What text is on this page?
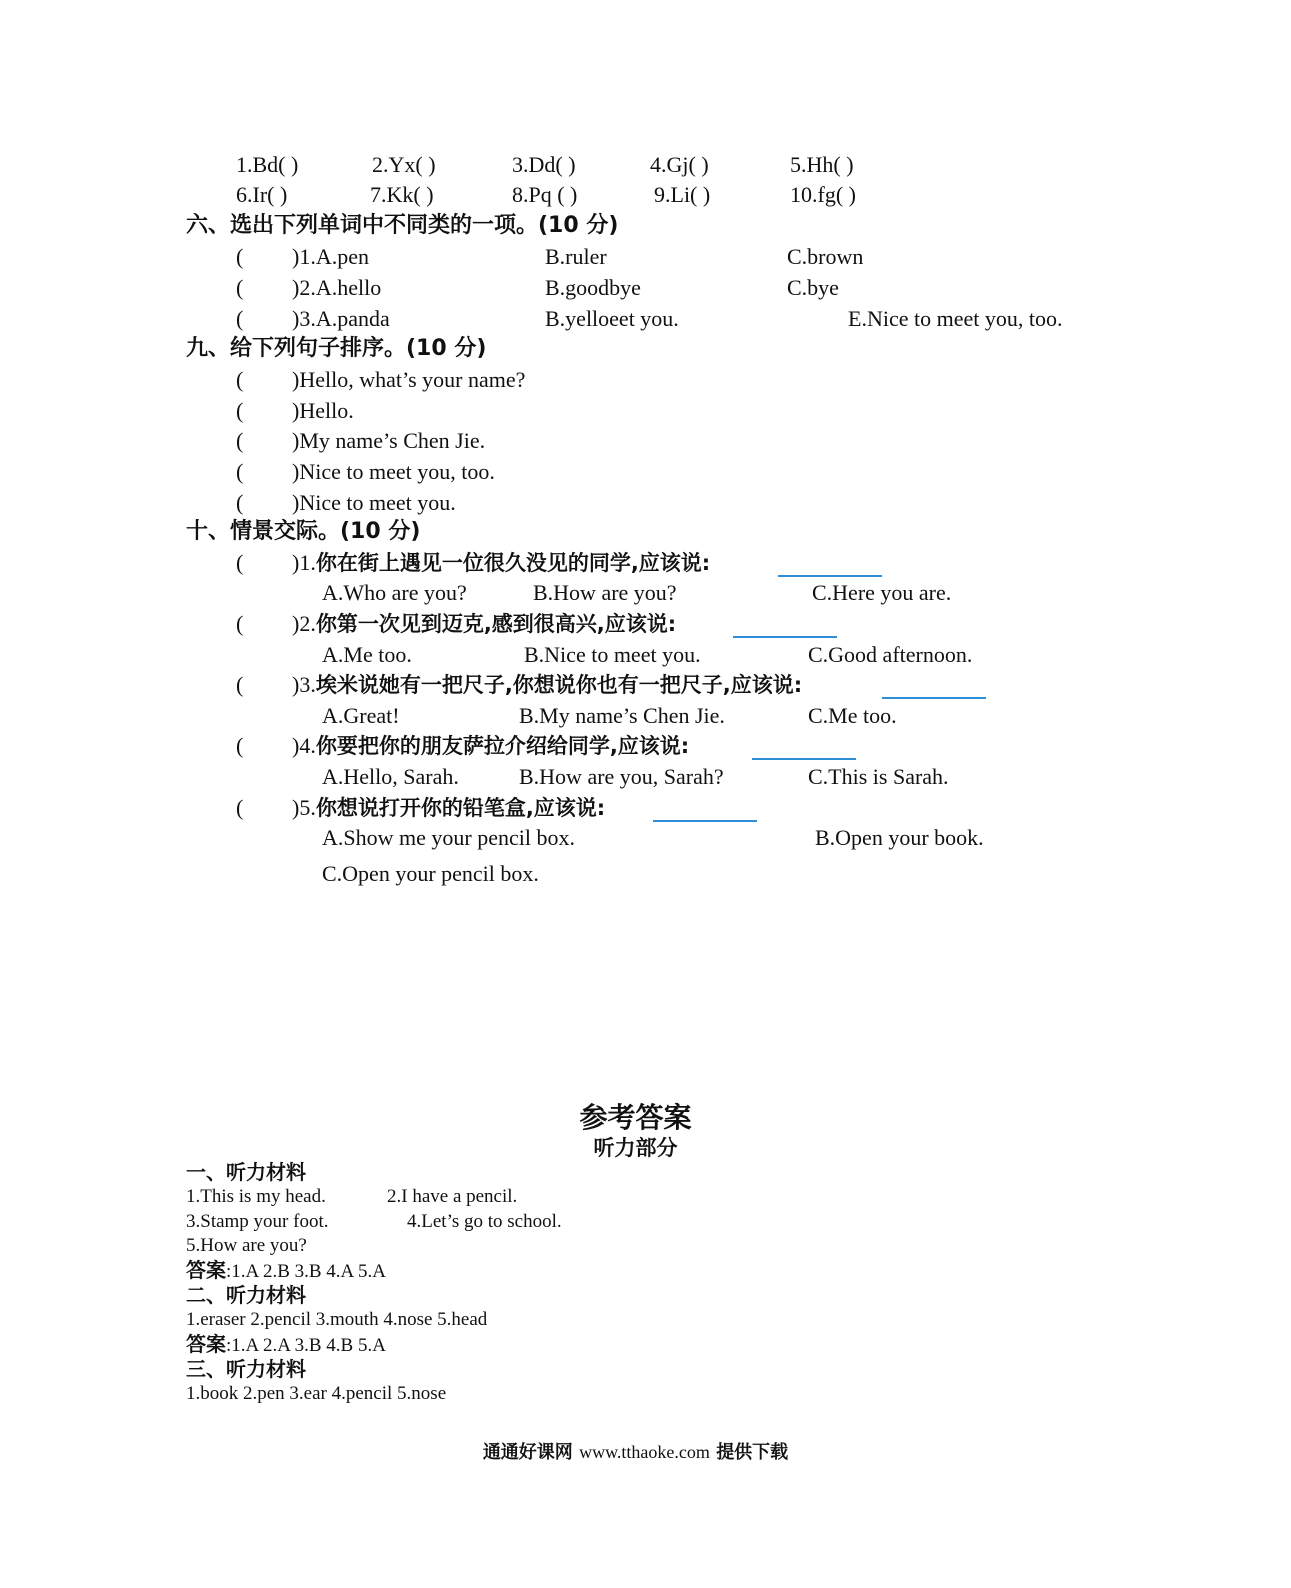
1.Bd( )	2.Yx( )	3.Dd( )	4.Gj( )	5.Hh( )
6.Ir( )	7.Kk( )	8.Pq ( )	9.Li( )	10.fg( )
六、选出下列单词中不同类的一项。(10 分)
( )1.A.pen	B.ruler	C.brown
( )2.A.hello	B.goodbye	C.bye
( )3.A.panda	B.yelloeet you.	E.Nice to meet you, too.
九、给下列句子排序。(10 分)
( )Hello, what’s your name?
( )Hello.
( )My name’s Chen Jie.
( )Nice to meet you, too.
( )Nice to meet you.
十、情景交际。(10 分)
( )1.你在街上遇见一位很久没见的同学,应该说:
A.Who are you?	B.How are you?	C.Here you are.
( )2.你第一次见到迈克,感到很高兴,应该说:
A.Me too.	B.Nice to meet you.	C.Good afternoon.
( )3.埃米说她有一把尺子,你想说你也有一把尺子,应该说:
A.Great!	B.My name’s Chen Jie.	C.Me too.
( )4.你要把你的朋友萨拉介绍给同学,应该说:
A.Hello, Sarah.	B.How are you, Sarah?	C.This is Sarah.
( )5.你想说打开你的铅笔盒,应该说:
A.Show me your pencil box.	B.Open your book.
C.Open your pencil box.
参考答案
听力部分
一、听力材料
1.This is my head.	2.I have a pencil.
3.Stamp your foot.	4.Let’s go to school.
5.How are you?
答案:1.A 2.B 3.B 4.A 5.A
二、听力材料
1.eraser 2.pencil 3.mouth 4.nose 5.head
答案:1.A 2.A 3.B 4.B 5.A
三、听力材料
1.book 2.pen 3.ear 4.pencil 5.nose
通通好课网 www.tthaoke.com 提供下载
